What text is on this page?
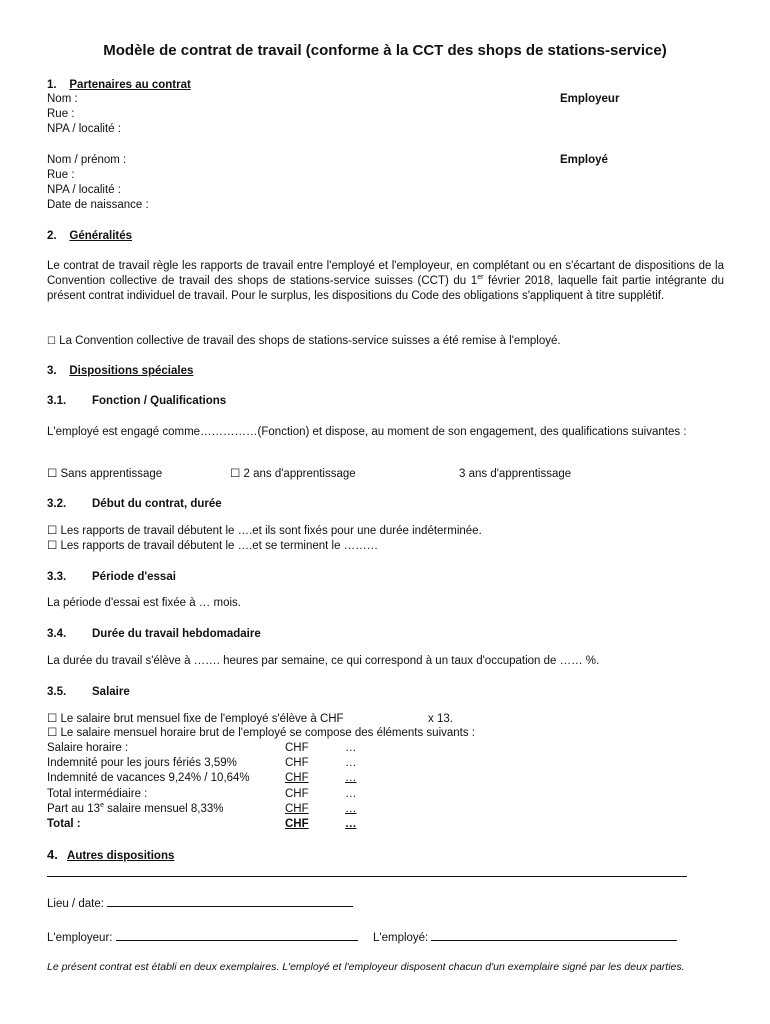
Modèle de contrat de travail (conforme à la CCT des shops de stations-service)
1. Partenaires au contrat
Nom :
Rue :
NPA / localité :
Employeur
Nom / prénom :
Rue :
NPA / localité :
Date de naissance :
Employé
2. Généralités
Le contrat de travail règle les rapports de travail entre l'employé et l'employeur, en complétant ou en s'écartant de dispositions de la Convention collective de travail des shops de stations-service suisses (CCT) du 1er février 2018, laquelle fait partie intégrante du présent contrat individuel de travail. Pour le surplus, les dispositions du Code des obligations s'appliquent à titre supplétif.
☐ La Convention collective de travail des shops de stations-service suisses a été remise à l'employé.
3. Dispositions spéciales
3.1. Fonction / Qualifications
L'employé est engagé comme……………(Fonction) et dispose, au moment de son engagement, des qualifications suivantes :
☐ Sans apprentissage	☐ 2 ans d'apprentissage	3 ans d'apprentissage
3.2. Début du contrat, durée
☐ Les rapports de travail débutent le ….et ils sont fixés pour une durée indéterminée.
☐ Les rapports de travail débutent le ….et se terminent le ………
3.3. Période d'essai
La période d'essai est fixée à … mois.
3.4. Durée du travail hebdomadaire
La durée du travail s'élève à ……. heures par semaine, ce qui correspond à un taux d'occupation de …… %.
3.5. Salaire
☐ Le salaire brut mensuel fixe de l'employé s'élève à CHF	x 13.
☐ Le salaire mensuel horaire brut de l'employé se compose des éléments suivants :
Salaire horaire :	CHF	…
Indemnité pour les jours fériés 3,59%	CHF	…
Indemnité de vacances 9,24% / 10,64%	CHF	…
Total intermédiaire :	CHF	…
Part au 13e salaire mensuel 8,33%	CHF	…
Total :	CHF	…
4. Autres dispositions
Lieu / date:
L'employeur:	L'employé:
Le présent contrat est établi en deux exemplaires. L'employé et l'employeur disposent chacun d'un exemplaire signé par les deux parties.
